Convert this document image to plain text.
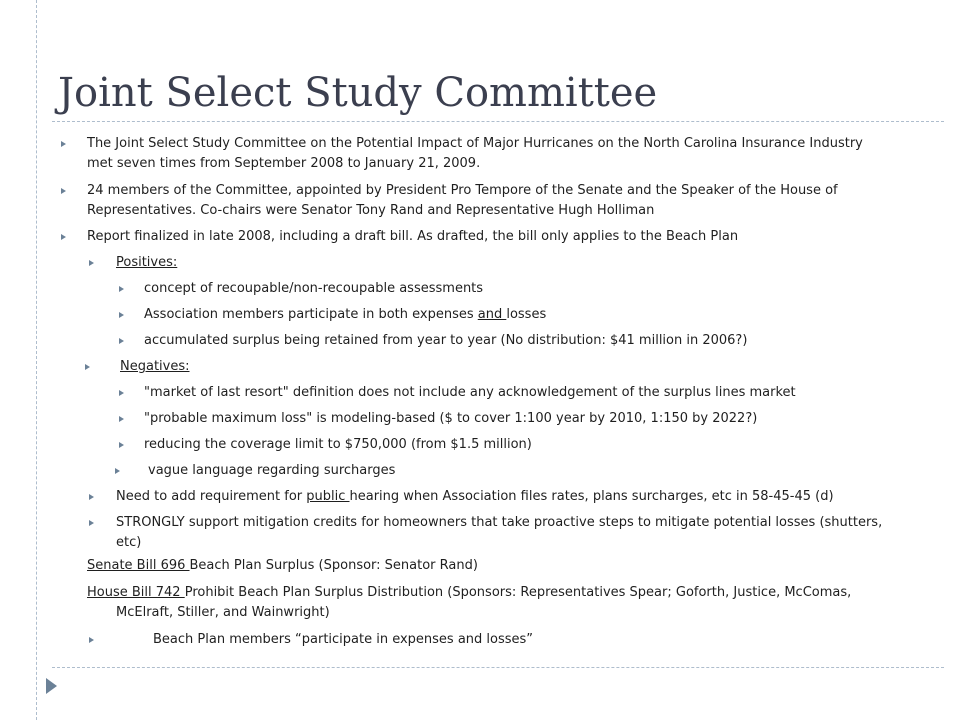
Joint Select Study Committee
The Joint Select Study Committee on the Potential Impact of Major Hurricanes on the North Carolina Insurance Industry
met seven times from September 2008 to January 21, 2009.
24 members of the Committee, appointed by President Pro Tempore of the Senate and the Speaker of the House of
Representatives. Co-chairs were Senator Tony Rand and Representative Hugh Holliman
Report finalized in late 2008, including a draft bill. As drafted, the bill only applies to the Beach Plan
Positives:
concept of recoupable/non-recoupable assessments
Association members participate in both expenses and losses
accumulated surplus being retained from year to year (No distribution: $41 million in 2006?)
Negatives:
"market of last resort" definition does not include any acknowledgement of the surplus lines market
"probable maximum loss" is modeling-based ($ to cover 1:100 year by 2010, 1:150 by 2022?)
reducing the coverage limit to $750,000 (from $1.5 million)
vague language regarding surcharges
Need to add requirement for public hearing when Association files rates, plans surcharges, etc in 58-45-45 (d)
STRONGLY support mitigation credits for homeowners that take proactive steps to mitigate potential losses (shutters,
etc)
Senate Bill 696 Beach Plan Surplus (Sponsor: Senator Rand)
House Bill 742 Prohibit Beach Plan Surplus Distribution (Sponsors: Representatives Spear; Goforth, Justice, McComas,
McElraft, Stiller, and Wainwright)
Beach Plan members “participate in expenses and losses”
